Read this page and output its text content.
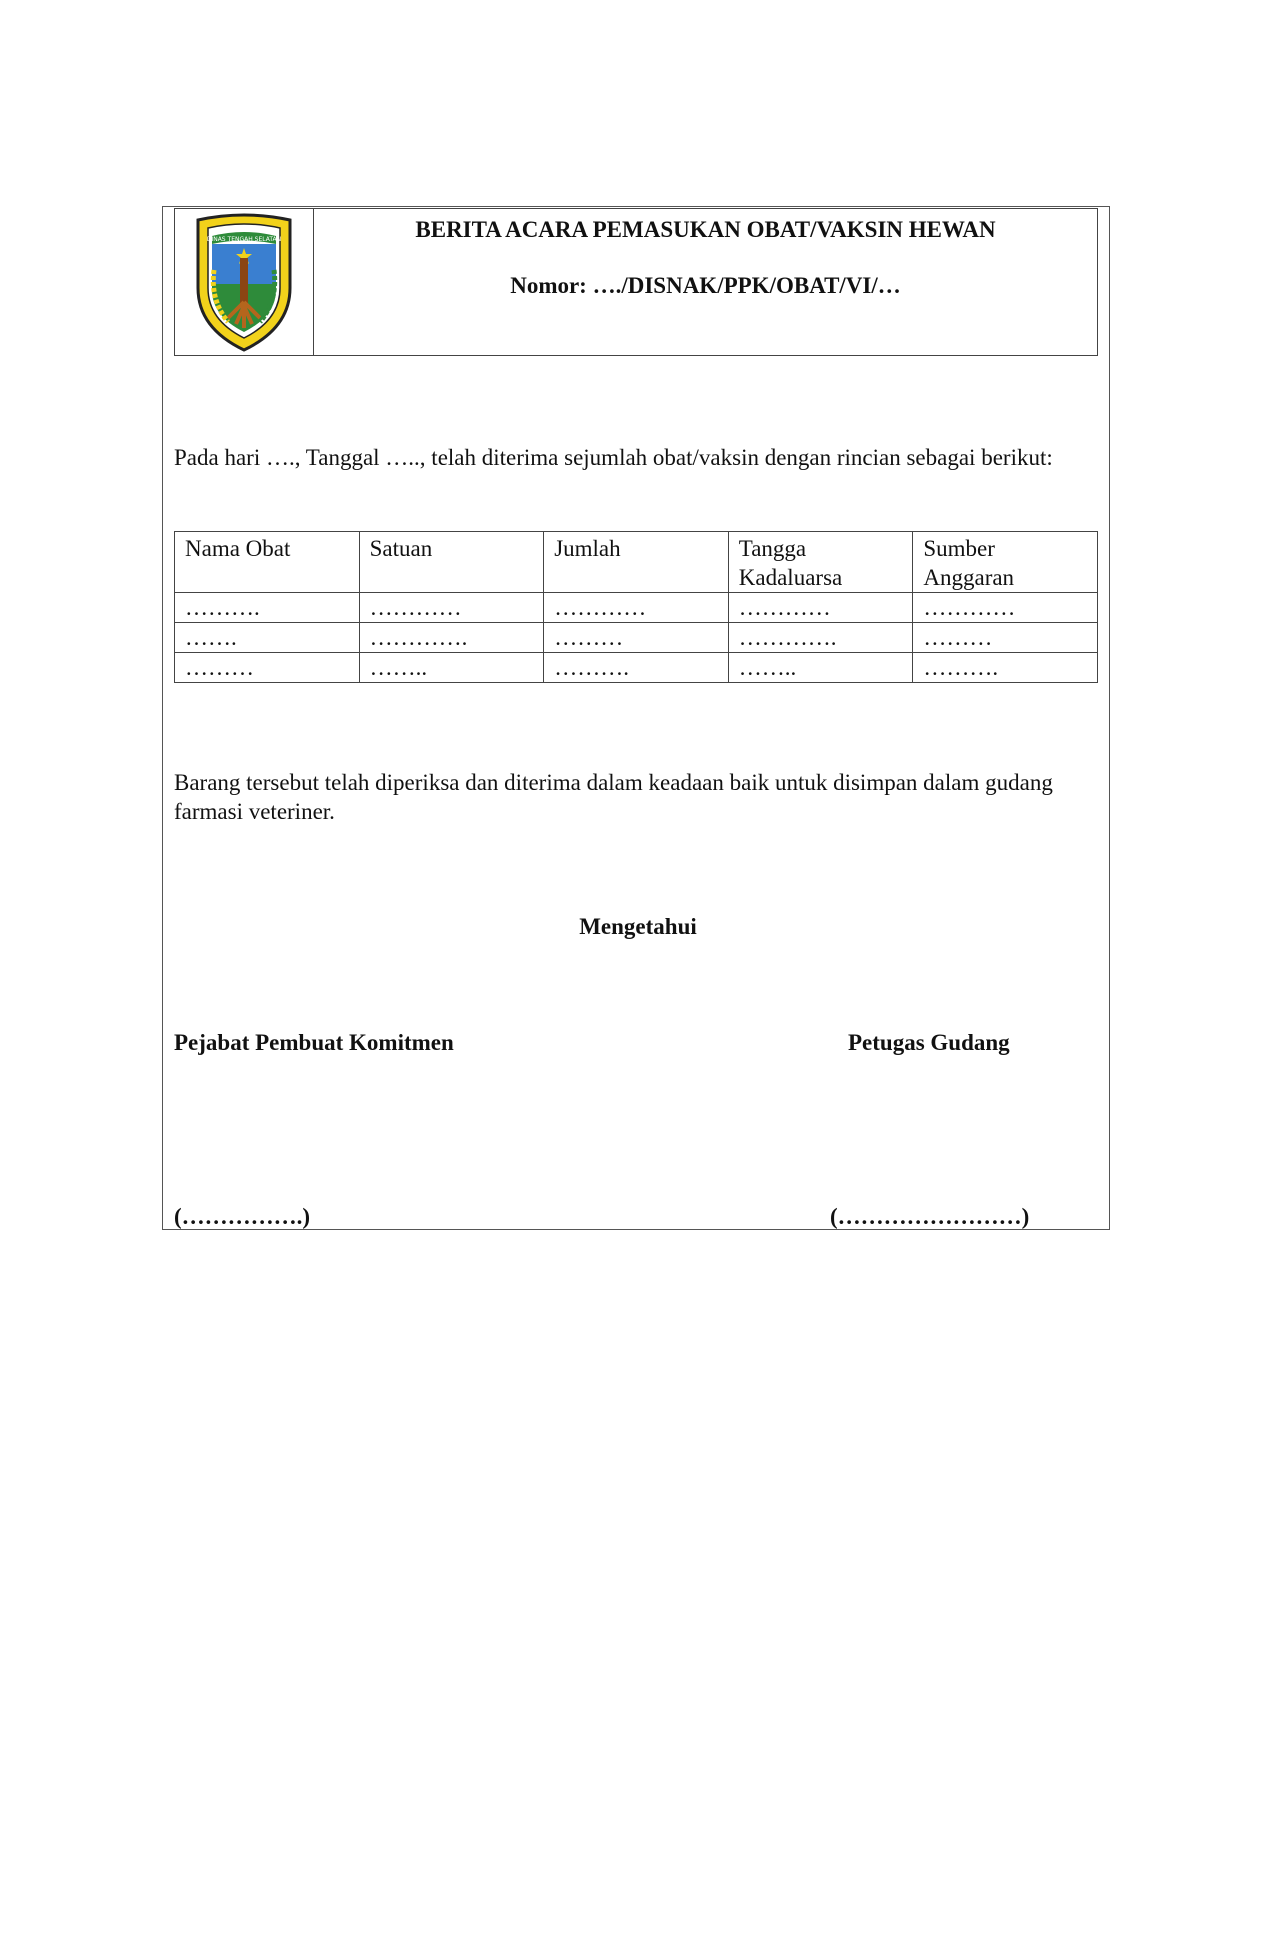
DINAS TENGAH SELATAN	BERITA ACARA PEMASUKAN OBAT/VAKSIN HEWAN

Nomor: …./DISNAK/PPK/OBAT/VI/…

Pada hari …., Tanggal ….., telah diterima sejumlah obat/vaksin dengan rincian sebagai berikut:

Nama Obat	Satuan	Jumlah	Tangga Kadaluarsa	Sumber Anggaran
……….	…………	…………	…………	…………
…….	………….	………	………….	………
………	……..	……….	……..	……….

Barang tersebut telah diperiksa dan diterima dalam keadaan baik untuk disimpan dalam gudang farmasi veteriner.

Mengetahui

Pejabat Pembuat Komitmen	Petugas Gudang

(…………….)	(……………………)
